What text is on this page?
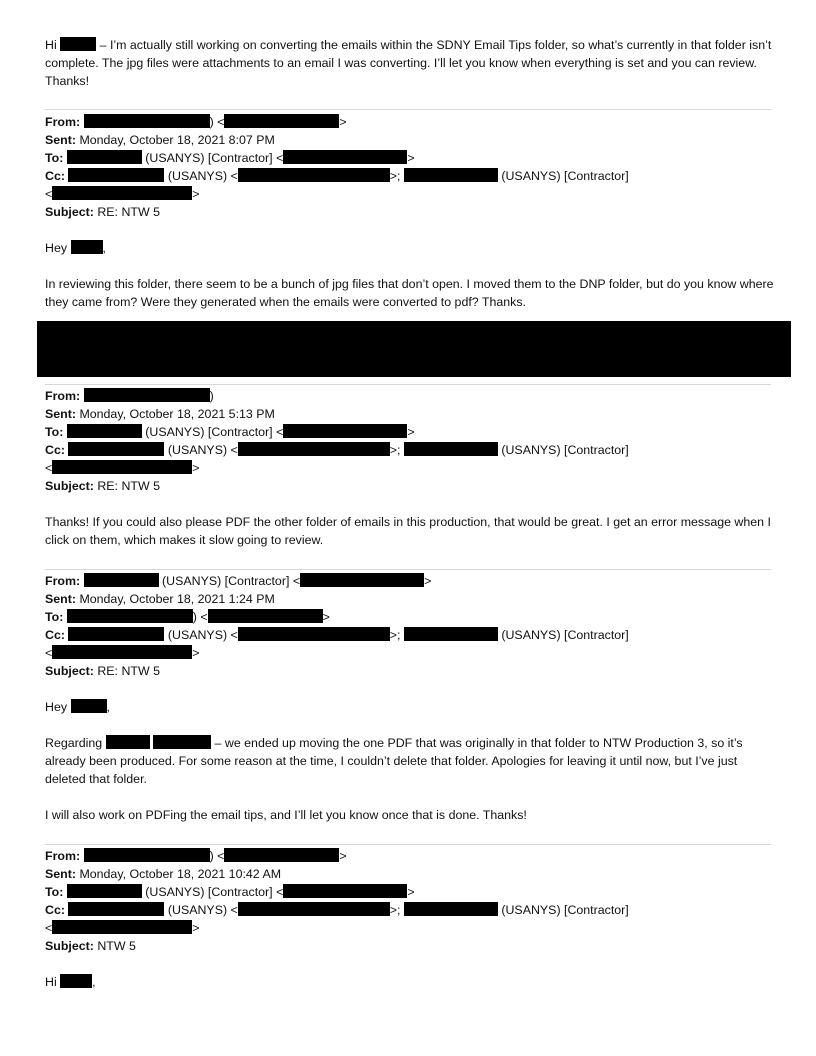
Hi	– I’m actually still working on converting the emails within the SDNY Email Tips folder, so what’s currently in that folder isn’t complete. The jpg files were attachments to an email I was converting. I’ll let you know when everything is set and you can review. Thanks!

From:	) <	>
Sent: Monday, October 18, 2021 8:07 PM
To:	(USANYS) [Contractor] <	>
Cc:	(USANYS) <	>;	(USANYS) [Contractor]
<	>
Subject: RE: NTW 5
Hey	,

In reviewing this folder, there seem to be a bunch of jpg files that don’t open. I moved them to the DNP folder, but do you know where they came from? Were they generated when the emails were converted to pdf? Thanks.

From:	)
Sent: Monday, October 18, 2021 5:13 PM
To:	(USANYS) [Contractor] <	>
Cc:	(USANYS) <	>;	(USANYS) [Contractor]
<	>
Subject: RE: NTW 5

Thanks! If you could also please PDF the other folder of emails in this production, that would be great. I get an error message when I click on them, which makes it slow going to review.

From:	(USANYS) [Contractor] <	>
Sent: Monday, October 18, 2021 1:24 PM
To:	) <	>
Cc:	(USANYS) <	>;	(USANYS) [Contractor]
<	>
Subject: RE: NTW 5
Hey	,

Regarding	– we ended up moving the one PDF that was originally in that folder to NTW Production 3, so it’s already been produced. For some reason at the time, I couldn’t delete that folder. Apologies for leaving it until now, but I’ve just deleted that folder.

I will also work on PDFing the email tips, and I’ll let you know once that is done. Thanks!

From:	) <	>
Sent: Monday, October 18, 2021 10:42 AM
To:	(USANYS) [Contractor] <	>
Cc:	(USANYS) <	>;	(USANYS) [Contractor]
<	>
Subject: NTW 5
Hi	,
